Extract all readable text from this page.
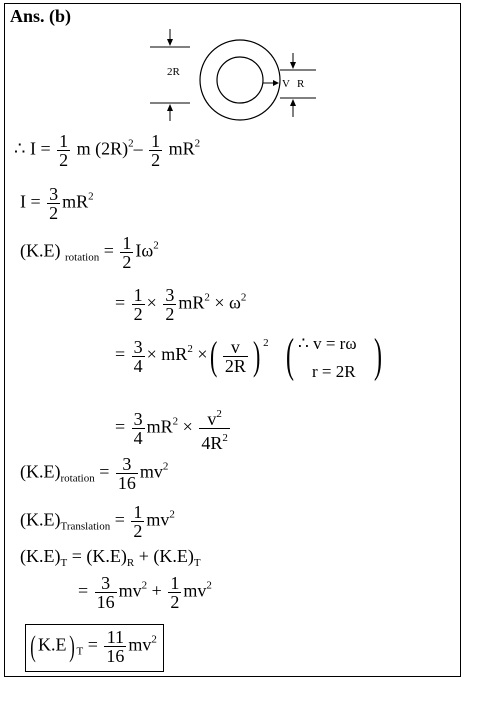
Ans. (b)
2R
V R
∴ $I = \frac{1}{2}$ m $(2R)^2- \frac{1}{2} mR^2$
$I = \frac{3}{2} mR^2$
(K.E) $_{rotation} = \frac{1}{2} I\omega^2$
= $\frac{1}{2} \times \frac{3}{2} mR^2 \times \omega^2$
= $\frac{3}{4} \times mR^2$ ×( $\frac{v}{2R}$ ) $^2$ ( )
∴ v = rω
r = 2R
= $\frac{3}{4} mR^2 \times \frac{v^2}{4R^2}$
$(K.E)_{rotation} = \frac{3}{16} mv^2$
$(K.E)_{Translation} = \frac{1}{2} mv^2$
$(K.E)_T = (K.E)_R + (K.E)_T$
= $\frac{3}{16} mv^2 + \frac{1}{2} mv^2$
( K.E) $_T = \frac{11}{16} mv^2$
